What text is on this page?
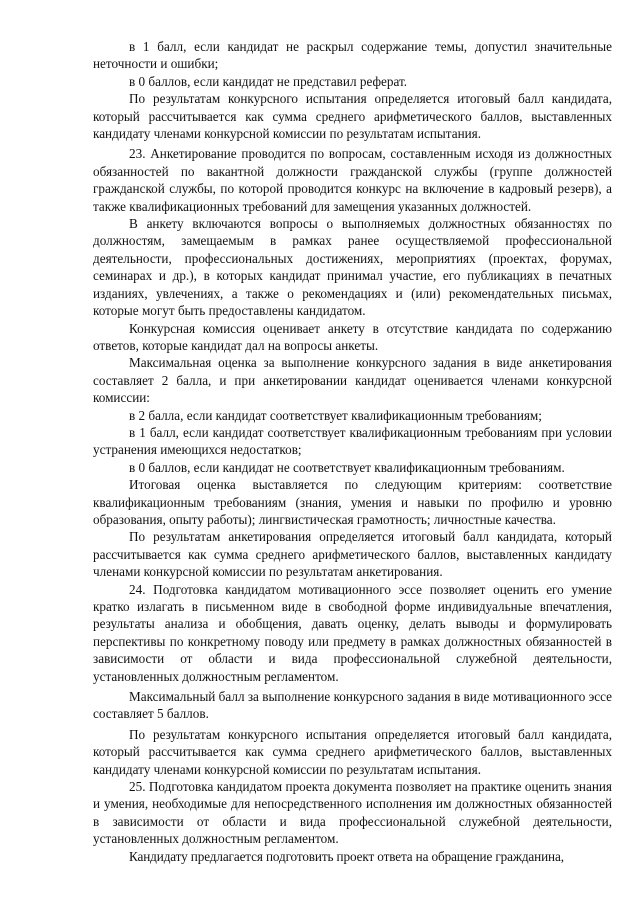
в 1 балл, если кандидат не раскрыл содержание темы, допустил значительные неточности и ошибки;

в 0 баллов, если кандидат не представил реферат.

По результатам конкурсного испытания определяется итоговый балл кандидата, который рассчитывается как сумма среднего арифметического баллов, выставленных кандидату членами конкурсной комиссии по результатам испытания.

23. Анкетирование проводится по вопросам, составленным исходя из должностных обязанностей по вакантной должности гражданской службы (группе должностей гражданской службы, по которой проводится конкурс на включение в кадровый резерв), а также квалификационных требований для замещения указанных должностей.

В анкету включаются вопросы о выполняемых должностных обязанностях по должностям, замещаемым в рамках ранее осуществляемой профессиональной деятельности, профессиональных достижениях, мероприятиях (проектах, форумах, семинарах и др.), в которых кандидат принимал участие, его публикациях в печатных изданиях, увлечениях, а также о рекомендациях и (или) рекомендательных письмах, которые могут быть предоставлены кандидатом.

Конкурсная комиссия оценивает анкету в отсутствие кандидата по содержанию ответов, которые кандидат дал на вопросы анкеты.

Максимальная оценка за выполнение конкурсного задания в виде анкетирования составляет 2 балла, и при анкетировании кандидат оценивается членами конкурсной комиссии:

в 2 балла, если кандидат соответствует квалификационным требованиям;

в 1 балл, если кандидат соответствует квалификационным требованиям при условии устранения имеющихся недостатков;

в 0 баллов, если кандидат не соответствует квалификационным требованиям.

Итоговая оценка выставляется по следующим критериям: соответствие квалификационным требованиям (знания, умения и навыки по профилю и уровню образования, опыту работы); лингвистическая грамотность; личностные качества.

По результатам анкетирования определяется итоговый балл кандидата, который рассчитывается как сумма среднего арифметического баллов, выставленных кандидату членами конкурсной комиссии по результатам анкетирования.

24. Подготовка кандидатом мотивационного эссе позволяет оценить его умение кратко излагать в письменном виде в свободной форме индивидуальные впечатления, результаты анализа и обобщения, давать оценку, делать выводы и формулировать перспективы по конкретному поводу или предмету в рамках должностных обязанностей в зависимости от области и вида профессиональной служебной деятельности, установленных должностным регламентом.

Максимальный балл за выполнение конкурсного задания в виде мотивационного эссе составляет 5 баллов.

По результатам конкурсного испытания определяется итоговый балл кандидата, который рассчитывается как сумма среднего арифметического баллов, выставленных кандидату членами конкурсной комиссии по результатам испытания.

25. Подготовка кандидатом проекта документа позволяет на практике оценить знания и умения, необходимые для непосредственного исполнения им должностных обязанностей в зависимости от области и вида профессиональной служебной деятельности, установленных должностным регламентом.

Кандидату предлагается подготовить проект ответа на обращение гражданина,
